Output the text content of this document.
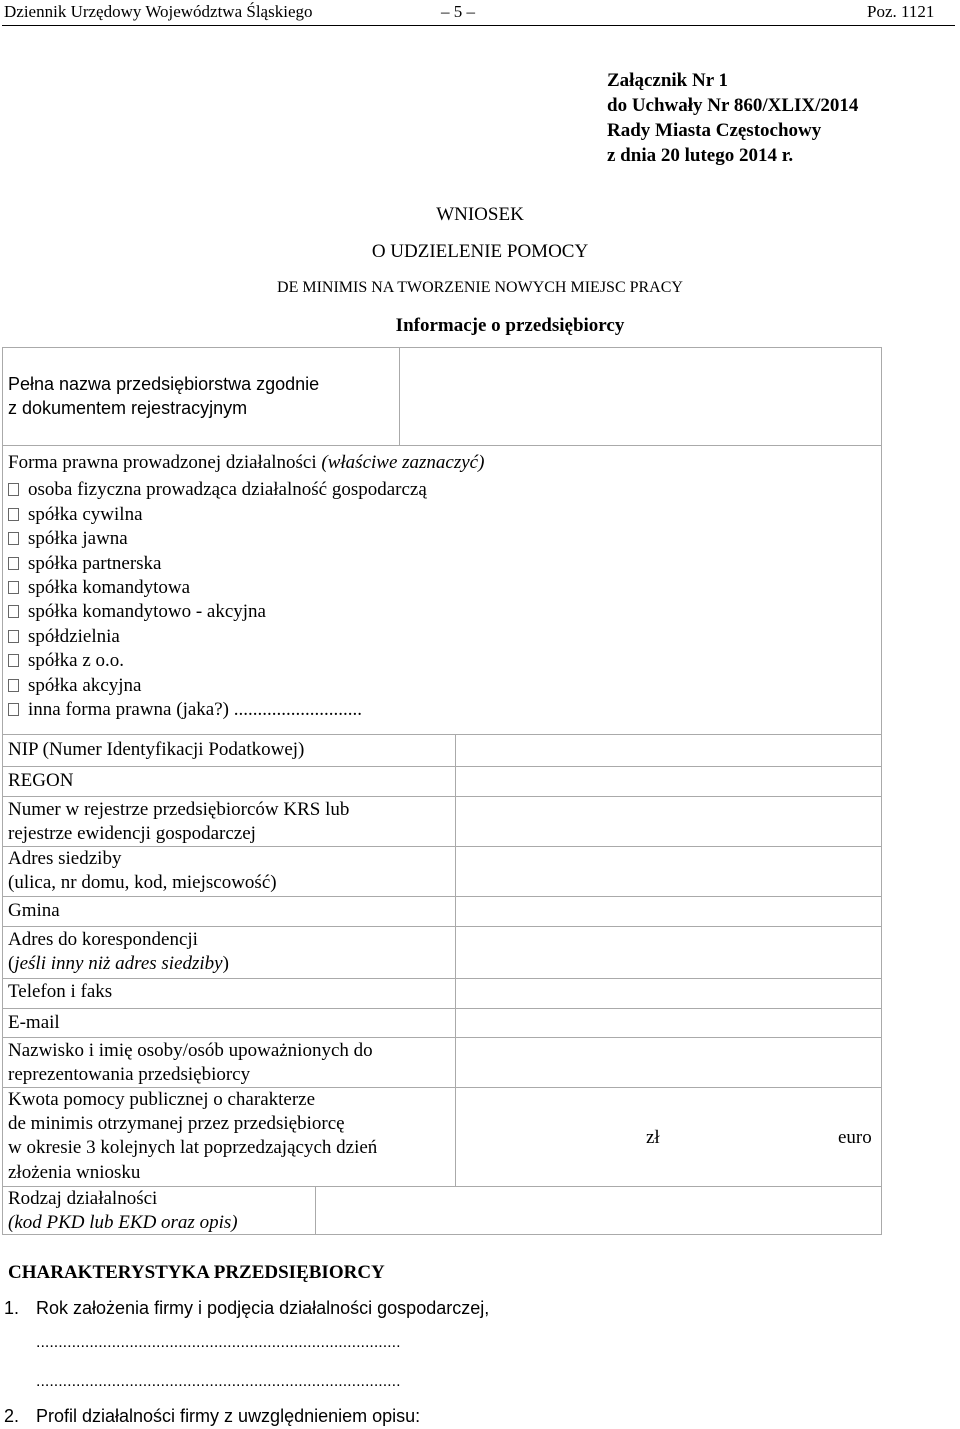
Dziennik Urzędowy Województwa Śląskiego	– 5 –	Poz. 1121
Załącznik Nr 1
do Uchwały Nr 860/XLIX/2014
Rady Miasta Częstochowy
z dnia 20 lutego 2014 r.
WNIOSEK
O UDZIELENIE POMOCY
DE MINIMIS NA TWORZENIE NOWYCH MIEJSC PRACY
Informacje o przedsiębiorcy
Pełna nazwa przedsiębiorstwa zgodnie
z dokumentem rejestracyjnym
Forma prawna prowadzonej działalności (właściwe zaznaczyć)
osoba fizyczna prowadząca działalność gospodarczą
spółka cywilna
spółka jawna
spółka partnerska
spółka komandytowa
spółka komandytowo - akcyjna
spółdzielnia
spółka z o.o.
spółka akcyjna
inna forma prawna (jaka?) ...........................
NIP (Numer Identyfikacji Podatkowej)
REGON
Numer w rejestrze przedsiębiorców KRS lub
rejestrze ewidencji gospodarczej
Adres siedziby
(ulica, nr domu, kod, miejscowość)
Gmina
Adres do korespondencji
(jeśli inny niż adres siedziby)
Telefon i faks
E-mail
Nazwisko i imię osoby/osób upoważnionych do
reprezentowania przedsiębiorcy
Kwota pomocy publicznej o charakterze
de minimis otrzymanej przez przedsiębiorcę
w okresie 3 kolejnych lat poprzedzających dzień
złożenia wniosku
zł	euro
Rodzaj działalności
(kod PKD lub EKD oraz opis)
CHARAKTERYSTYKA PRZEDSIĘBIORCY
1. Rok założenia firmy i podjęcia działalności gospodarczej,
..................................................................................
..................................................................................
2. Profil działalności firmy z uwzględnieniem opisu:
